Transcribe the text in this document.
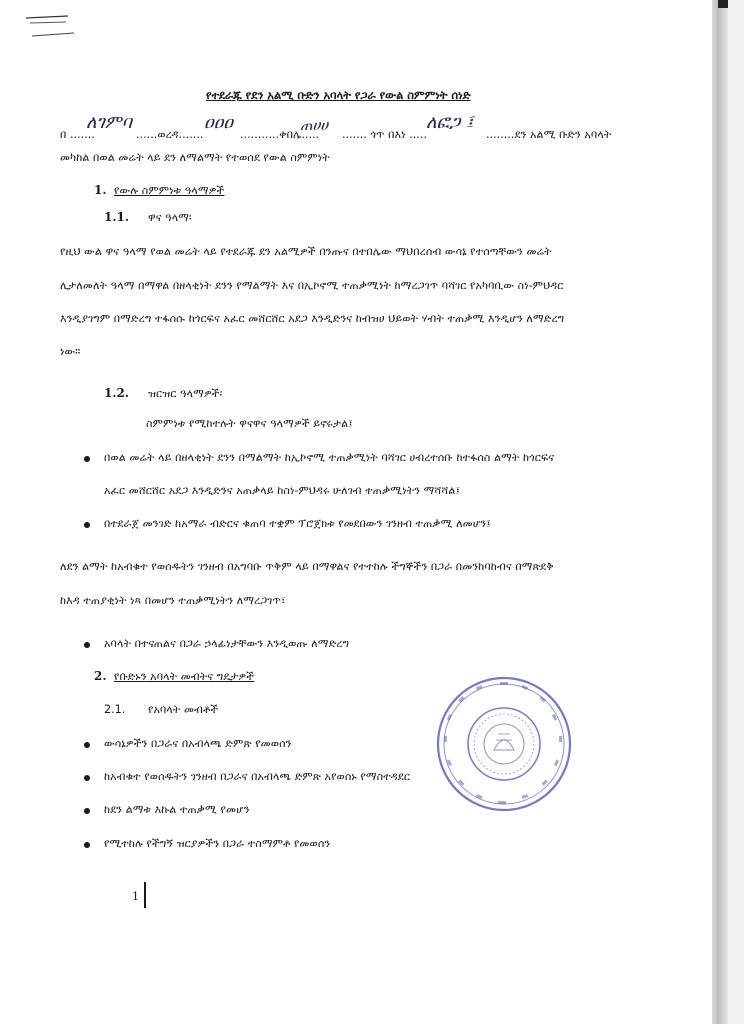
የተደራጁ የደን አልሚ ቡድን አባላት የጋራ የውል ስምምነት ሰነድ
በ .......
ለገምባ
......ወረዳ.......
ዐዐዐ
...........ቀበሌ.....
ጠሀሀ
....... ጎጥ በእነ .....
ለፎጋ ፤
........ደን አልሚ ቡድን አባላት
መካከል በወል መሬት ላይ ደን ለማልማት የተወሰደ የውል ስምምነት
1. የውሉ ስምምነቱ ዓላማዎች
1.1. ዋና ዓላማ፡
የዚህ ውል ዋና ዓላማ የወል መሬት ላይ የተደራጁ ደን አልሚዎች በንጡና በተበሌው ማህበረሰብ ውሳኔ የተሰጣቸውን መሬት
ሊታለመለት ዓላማ በማዋል በዘላቂነት ደንን የማልማት እና በኢኮኖሚ ተጠቃሚነት ከማረጋገጥ ባሻገር የአካባቢው ስነ-ምህዳር
እንዲያገግም በማድረግ ተፋሰሱ ከጎርፍና አፈር መሸርሸር አደጋ እንዲድንና ከብዝሀ ህይወት ሃብት ተጠቃሚ እንዲሆን ለማድረግ
ነው።
1.2. ዝርዝር ዓላማዎች፡
ስምምነቱ የሚከተሉት ዋናዋና ዓላማዎች ይኖሩታል፤
በወል መሬት ላይ በዘላቂነት ደንን በማልማት ከኢኮኖሚ ተጠቃሚነት ባሻገር ሀብረተሰቡ ከተፋሰስ ልማት ከጎርፍና
አፈር መሸርሸር አደጋ እንዲድንና አጠቃላይ ከስነ-ምህዳሩ ሁለገብ ተጠቃሚነትን ማሻሻል፤
በተደራጀ መንገድ ከአማራ ብድርና ቁጠባ ተቋም ፕሮጀክቱ የመደበውን ገንዘብ ተጠቃሚ ለመሆን፤
ለደን ልማት ከአብቁተ የወሰዱትን ገንዘብ በአግባቡ ጥቅም ላይ በማዋልና የተተከሉ ችግኞችን በጋራ በመንከባከብና በማጽደቅ
ከእዳ ተጠያቂነት ነጻ በመሆን ተጠቃሚነትን ለማረጋገጥ፣
አባላት በተናጠልና በጋራ ኃላፊነታቸውን እንዲወጡ ለማድረግ
2. የቡድኑን አባላት መብትና ግዴታዎች
2.1. የአባላት መብቶች
ውሳኔዎችን በጋራና በአብላጫ ድምጽ የመወሰን
ከአብቁተ የወሰዱትን ገንዘብ በጋራና በአብላጫ ድምጽ አየወሰኑ የማስተዳደር
ከደን ልማቱ እኩል ተጠቃሚ የመሆን
የሚተከሉ የችግኝ ዝርያዎችን በጋራ ተስማምቶ የመወሰን
1
